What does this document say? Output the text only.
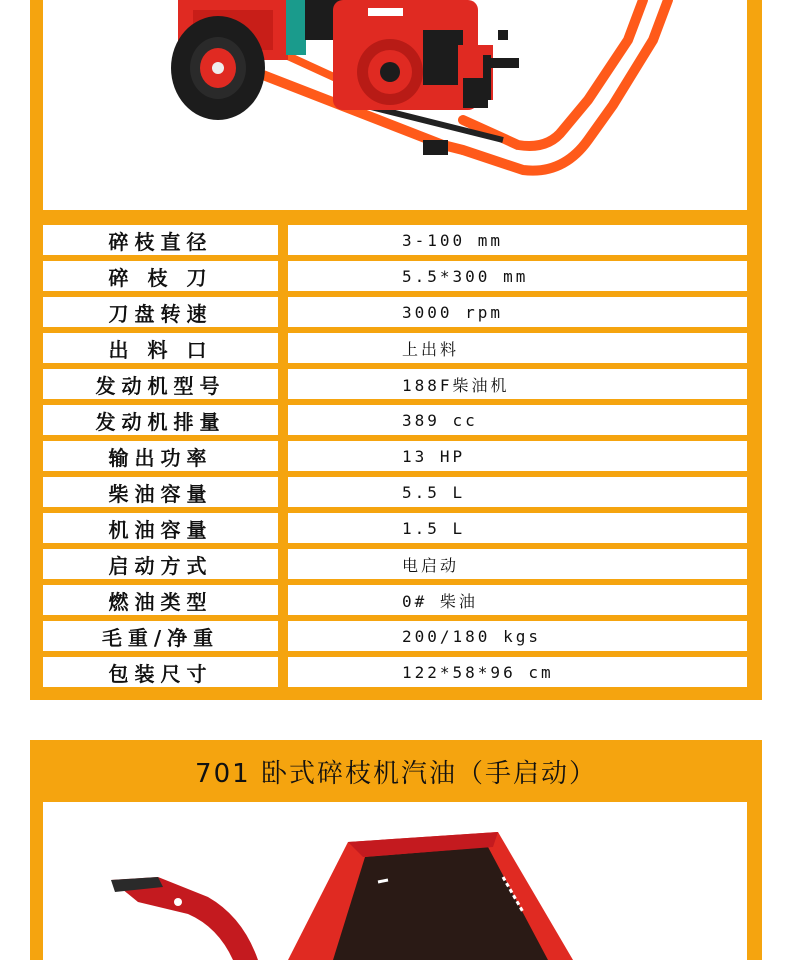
碎枝直径	3-100 mm
碎 枝 刀	5.5*300 mm
刀盘转速	3000 rpm
出 料 口	上出料
发动机型号	188F柴油机
发动机排量	389 cc
输出功率	13 HP
柴油容量	5.5 L
机油容量	1.5 L
启动方式	电启动
燃油类型	0# 柴油
毛重/净重	200/180 kgs
包装尺寸	122*58*96 cm
701 卧式碎枝机汽油（手启动）
